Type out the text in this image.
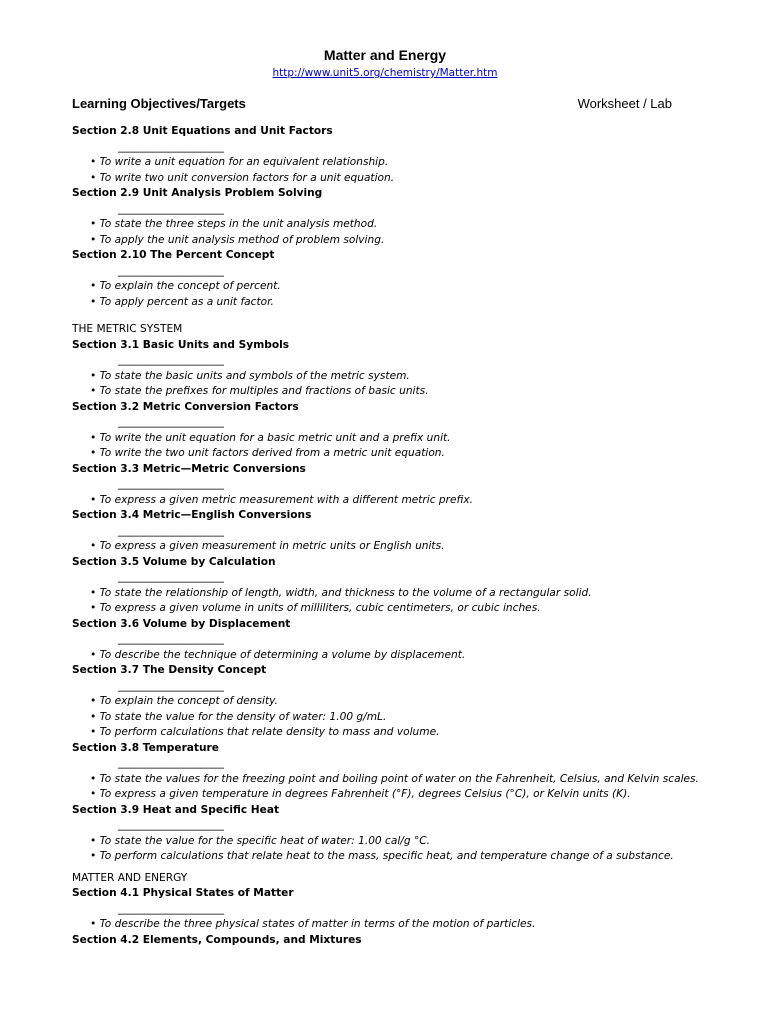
Matter and Energy
http://www.unit5.org/chemistry/Matter.htm
Learning Objectives/Targets	Worksheet / Lab
Section 2.8 Unit Equations and Unit Factors
____________________
• To write a unit equation for an equivalent relationship.
• To write two unit conversion factors for a unit equation.
Section 2.9 Unit Analysis Problem Solving
____________________
• To state the three steps in the unit analysis method.
• To apply the unit analysis method of problem solving.
Section 2.10 The Percent Concept
____________________
• To explain the concept of percent.
• To apply percent as a unit factor.
THE METRIC SYSTEM
Section 3.1 Basic Units and Symbols
____________________
• To state the basic units and symbols of the metric system.
• To state the prefixes for multiples and fractions of basic units.
Section 3.2 Metric Conversion Factors
____________________
• To write the unit equation for a basic metric unit and a prefix unit.
• To write the two unit factors derived from a metric unit equation.
Section 3.3 Metric—Metric Conversions
____________________
• To express a given metric measurement with a different metric prefix.
Section 3.4 Metric—English Conversions
____________________
• To express a given measurement in metric units or English units.
Section 3.5 Volume by Calculation
____________________
• To state the relationship of length, width, and thickness to the volume of a rectangular solid.
• To express a given volume in units of milliliters, cubic centimeters, or cubic inches.
Section 3.6 Volume by Displacement
____________________
• To describe the technique of determining a volume by displacement.
Section 3.7 The Density Concept
____________________
• To explain the concept of density.
• To state the value for the density of water: 1.00 g/mL.
• To perform calculations that relate density to mass and volume.
Section 3.8 Temperature
____________________
• To state the values for the freezing point and boiling point of water on the Fahrenheit, Celsius, and Kelvin scales.
• To express a given temperature in degrees Fahrenheit (°F), degrees Celsius (°C), or Kelvin units (K).
Section 3.9 Heat and Specific Heat
____________________
• To state the value for the specific heat of water: 1.00 cal/g °C.
• To perform calculations that relate heat to the mass, specific heat, and temperature change of a substance.
MATTER AND ENERGY
Section 4.1 Physical States of Matter
____________________
• To describe the three physical states of matter in terms of the motion of particles.
Section 4.2 Elements, Compounds, and Mixtures
